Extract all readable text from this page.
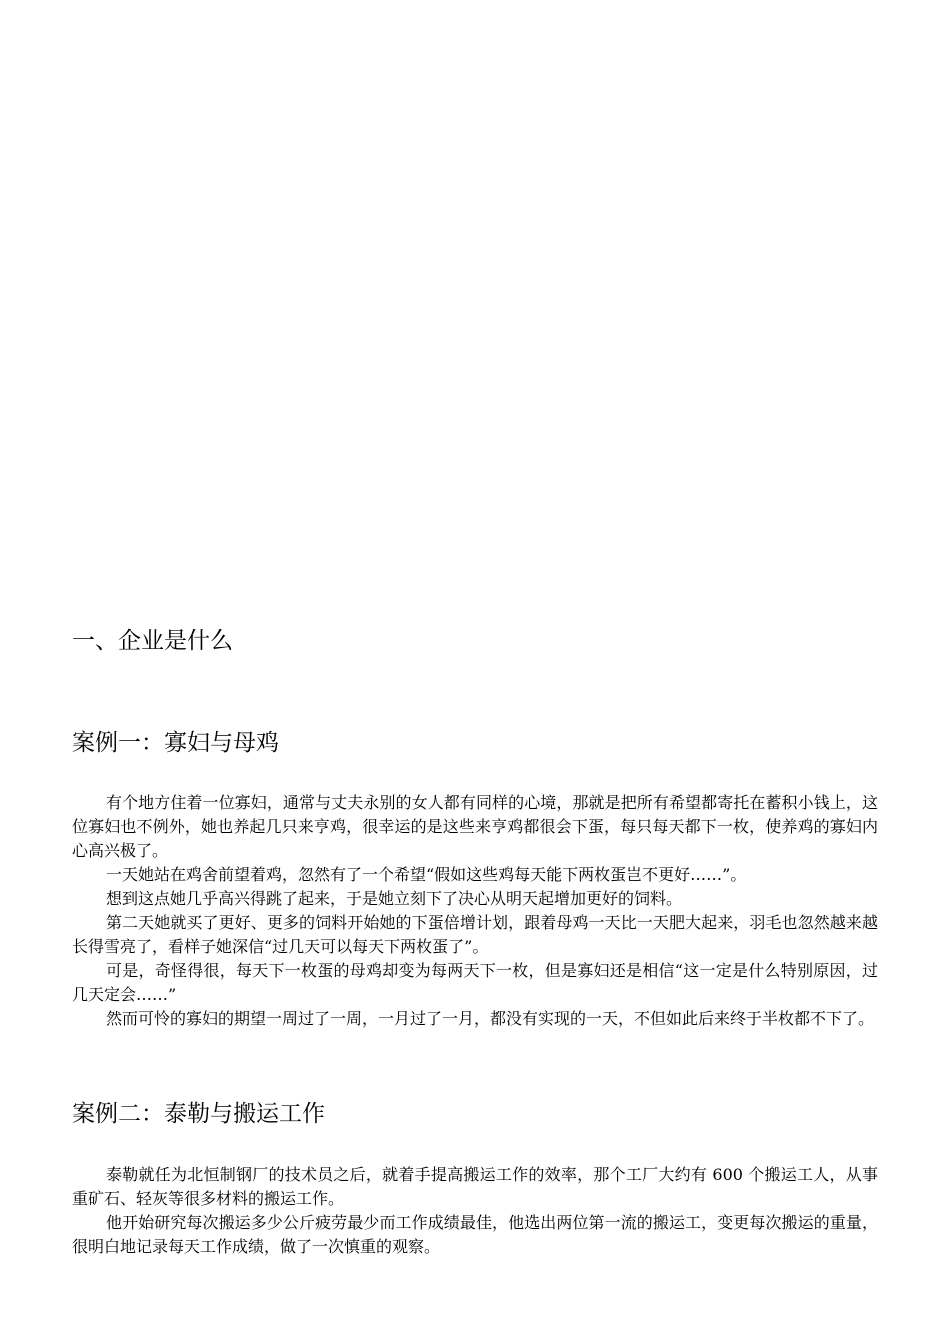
一、企业是什么
案例一：寡妇与母鸡

有个地方住着一位寡妇，通常与丈夫永别的女人都有同样的心境，那就是把所有希望都寄托在蓄积小钱上，这位寡妇也不例外，她也养起几只来亨鸡，很幸运的是这些来亨鸡都很会下蛋，每只每天都下一枚，使养鸡的寡妇内心高兴极了。

一天她站在鸡舍前望着鸡，忽然有了一个希望“假如这些鸡每天能下两枚蛋岂不更好……”。

想到这点她几乎高兴得跳了起来，于是她立刻下了决心从明天起增加更好的饲料。

第二天她就买了更好、更多的饲料开始她的下蛋倍增计划，跟着母鸡一天比一天肥大起来，羽毛也忽然越来越长得雪亮了，看样子她深信“过几天可以每天下两枚蛋了”。

可是，奇怪得很，每天下一枚蛋的母鸡却变为每两天下一枚，但是寡妇还是相信“这一定是什么特别原因，过几天定会……”

然而可怜的寡妇的期望一周过了一周，一月过了一月，都没有实现的一天，不但如此后来终于半枚都不下了。

案例二：泰勒与搬运工作

泰勒就任为北恒制钢厂的技术员之后，就着手提高搬运工作的效率，那个工厂大约有 600 个搬运工人，从事重矿石、轻灰等很多材料的搬运工作。

他开始研究每次搬运多少公斤疲劳最少而工作成绩最佳，他选出两位第一流的搬运工，变更每次搬运的重量，很明白地记录每天工作成绩，做了一次慎重的观察。
